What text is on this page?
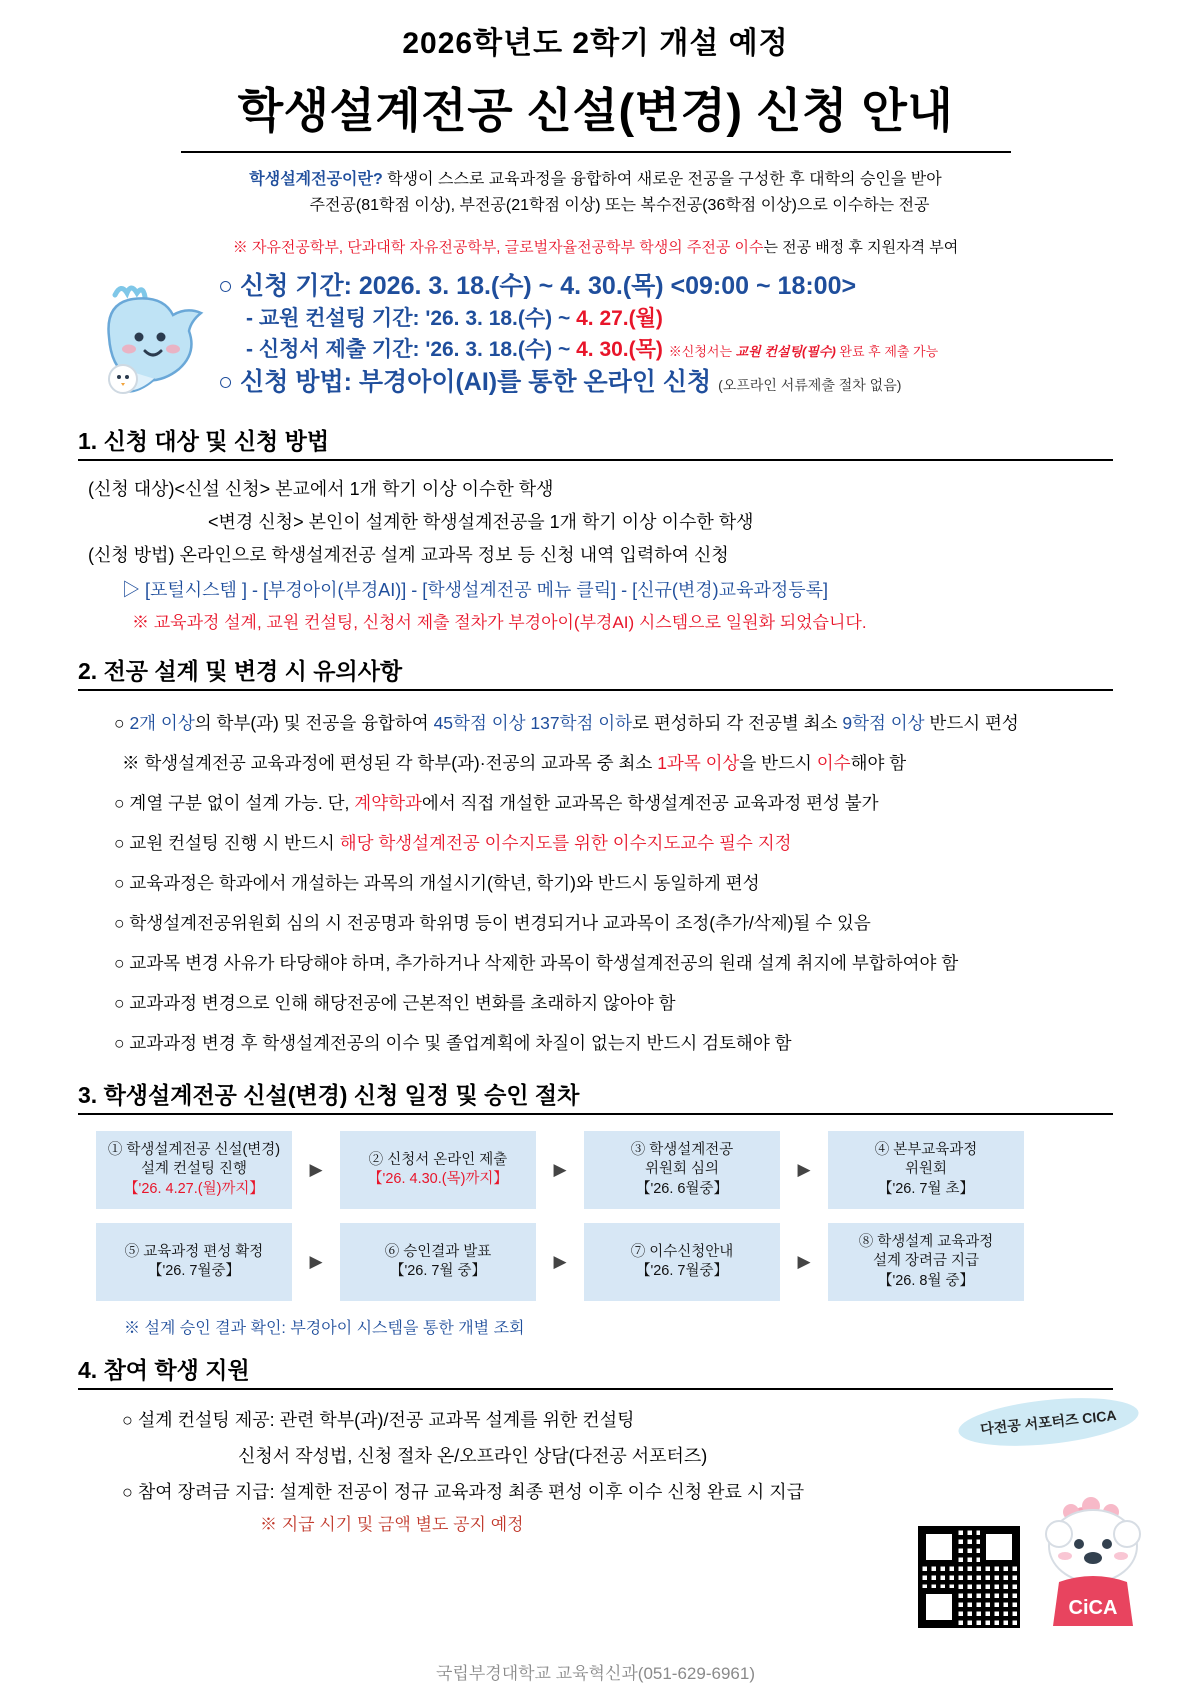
2026학년도 2학기 개설 예정
학생설계전공 신설(변경) 신청 안내
학생설계전공이란? 학생이 스스로 교육과정을 융합하여 새로운 전공을 구성한 후 대학의 승인을 받아
주전공(81학점 이상), 부전공(21학점 이상) 또는 복수전공(36학점 이상)으로 이수하는 전공
※ 자유전공학부, 단과대학 자유전공학부, 글로벌자율전공학부 학생의 주전공 이수는 전공 배정 후 지원자격 부여
○ 신청 기간: 2026. 3. 18.(수) ~ 4. 30.(목) <09:00 ~ 18:00>
- 교원 컨설팅 기간: '26. 3. 18.(수) ~ 4. 27.(월)
- 신청서 제출 기간: '26. 3. 18.(수) ~ 4. 30.(목) ※신청서는 교원 컨설팅(필수) 완료 후 제출 가능
○ 신청 방법: 부경아이(AI)를 통한 온라인 신청 (오프라인 서류제출 절차 없음)
1. 신청 대상 및 신청 방법
(신청 대상)<신설 신청> 본교에서 1개 학기 이상 이수한 학생
<변경 신청> 본인이 설계한 학생설계전공을 1개 학기 이상 이수한 학생
(신청 방법) 온라인으로 학생설계전공 설계 교과목 정보 등 신청 내역 입력하여 신청
▷ [포털시스템 ] - [부경아이(부경AI)] - [학생설계전공 메뉴 클릭] - [신규(변경)교육과정등록]
※ 교육과정 설계, 교원 컨설팅, 신청서 제출 절차가 부경아이(부경AI) 시스템으로 일원화 되었습니다.
2. 전공 설계 및 변경 시 유의사항
○ 2개 이상의 학부(과) 및 전공을 융합하여 45학점 이상 137학점 이하로 편성하되 각 전공별 최소 9학점 이상 반드시 편성
※ 학생설계전공 교육과정에 편성된 각 학부(과)·전공의 교과목 중 최소 1과목 이상을 반드시 이수해야 함
○ 계열 구분 없이 설계 가능. 단, 계약학과에서 직접 개설한 교과목은 학생설계전공 교육과정 편성 불가
○ 교원 컨설팅 진행 시 반드시 해당 학생설계전공 이수지도를 위한 이수지도교수 필수 지정
○ 교육과정은 학과에서 개설하는 과목의 개설시기(학년, 학기)와 반드시 동일하게 편성
○ 학생설계전공위원회 심의 시 전공명과 학위명 등이 변경되거나 교과목이 조정(추가/삭제)될 수 있음
○ 교과목 변경 사유가 타당해야 하며, 추가하거나 삭제한 과목이 학생설계전공의 원래 설계 취지에 부합하여야 함
○ 교과과정 변경으로 인해 해당전공에 근본적인 변화를 초래하지 않아야 함
○ 교과과정 변경 후 학생설계전공의 이수 및 졸업계획에 차질이 없는지 반드시 검토해야 함
3. 학생설계전공 신설(변경) 신청 일정 및 승인 절차
① 학생설계전공 신설(변경)
설계 컨설팅 진행
【'26. 4.27.(월)까지】
▶
② 신청서 온라인 제출
【'26. 4.30.(목)까지】	▶
③ 학생설계전공
위원회 심의
【'26. 6월중】
▶
④ 본부교육과정
위원회
【'26. 7월 초】
⑤ 교육과정 편성 확정
【'26. 7월중】	▶
⑥ 승인결과 발표
【'26. 7월 중】	▶
⑦ 이수신청안내
【'26. 7월중】	▶
⑧ 학생설계 교육과정
설계 장려금 지급
【'26. 8월 중】
※ 설계 승인 결과 확인: 부경아이 시스템을 통한 개별 조회
4. 참여 학생 지원
○ 설계 컨설팅 제공: 관련 학부(과)/전공 교과목 설계를 위한 컨설팅
신청서 작성법, 신청 절차 온/오프라인 상담(다전공 서포터즈)
○ 참여 장려금 지급: 설계한 전공이 정규 교육과정 최종 편성 이후 이수 신청 완료 시 지급
※ 지급 시기 및 금액 별도 공지 예정
다전공 서포터즈 CICA
CiCA
국립부경대학교 교육혁신과(051-629-6961)
